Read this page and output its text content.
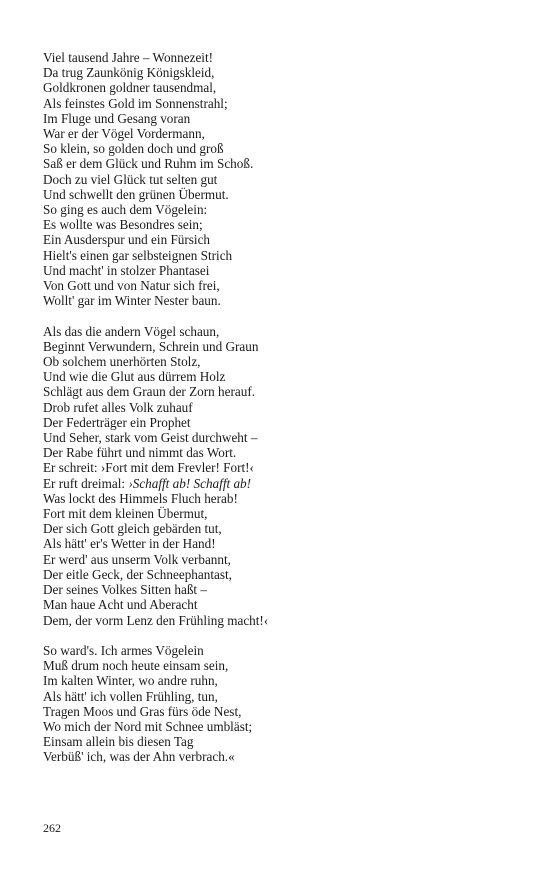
Viel tausend Jahre – Wonnezeit!
Da trug Zaunkönig Königskleid,
Goldkronen goldner tausendmal,
Als feinstes Gold im Sonnenstrahl;
Im Fluge und Gesang voran
War er der Vögel Vordermann,
So klein, so golden doch und groß
Saß er dem Glück und Ruhm im Schoß.
Doch zu viel Glück tut selten gut
Und schwellt den grünen Übermut.
So ging es auch dem Vögelein:
Es wollte was Besondres sein;
Ein Ausderspur und ein Fürsich
Hielt's einen gar selbsteignen Strich
Und macht' in stolzer Phantasei
Von Gott und von Natur sich frei,
Wollt' gar im Winter Nester baun.
Als das die andern Vögel schaun,
Beginnt Verwundern, Schrein und Graun
Ob solchem unerhörten Stolz,
Und wie die Glut aus dürrem Holz
Schlägt aus dem Graun der Zorn herauf.
Drob rufet alles Volk zuhauf
Der Federträger ein Prophet
Und Seher, stark vom Geist durchweht –
Der Rabe führt und nimmt das Wort.
Er schreit: ›Fort mit dem Frevler! Fort!‹
Er ruft dreimal: ›Schafft ab! Schafft ab!
Was lockt des Himmels Fluch herab!
Fort mit dem kleinen Übermut,
Der sich Gott gleich gebärden tut,
Als hätt' er's Wetter in der Hand!
Er werd' aus unserm Volk verbannt,
Der eitle Geck, der Schneephantast,
Der seines Volkes Sitten haßt –
Man haue Acht und Aberacht
Dem, der vorm Lenz den Frühling macht!‹
So ward's. Ich armes Vögelein
Muß drum noch heute einsam sein,
Im kalten Winter, wo andre ruhn,
Als hätt' ich vollen Frühling, tun,
Tragen Moos und Gras fürs öde Nest,
Wo mich der Nord mit Schnee umbläst;
Einsam allein bis diesen Tag
Verbüß' ich, was der Ahn verbrach.«
262
